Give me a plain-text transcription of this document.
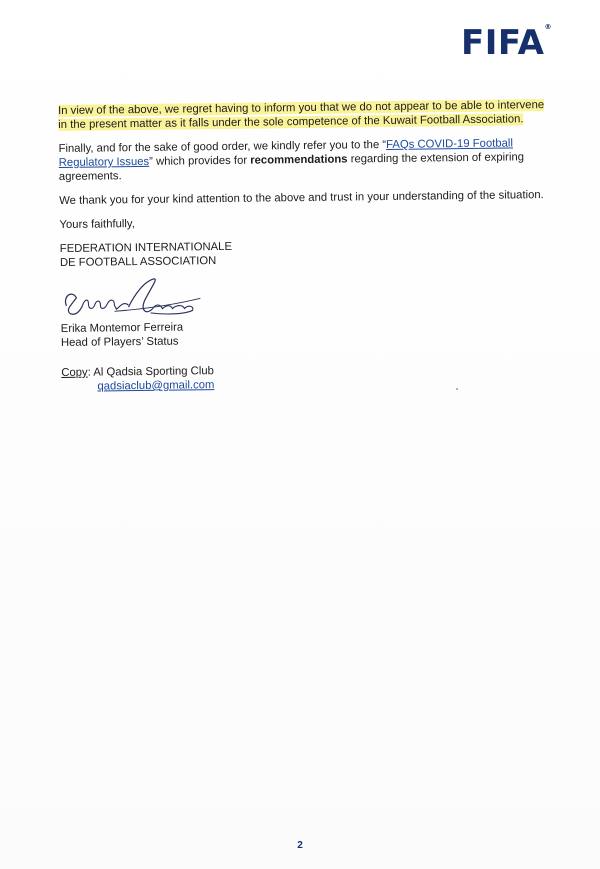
FIFA®

In view of the above, we regret having to inform you that we do not appear to be able to intervene in the present matter as it falls under the sole competence of the Kuwait Football Association.

Finally, and for the sake of good order, we kindly refer you to the “FAQs COVID-19 Football Regulatory Issues” which provides for recommendations regarding the extension of expiring agreements.

We thank you for your kind attention to the above and trust in your understanding of the situation.

Yours faithfully,

FEDERATION INTERNATIONALE
DE FOOTBALL ASSOCIATION
Erika Montemor Ferreira
Head of Players’ Status
Copy: Al Qadsia Sporting Club
qadsiaclub@gmail.com
2
